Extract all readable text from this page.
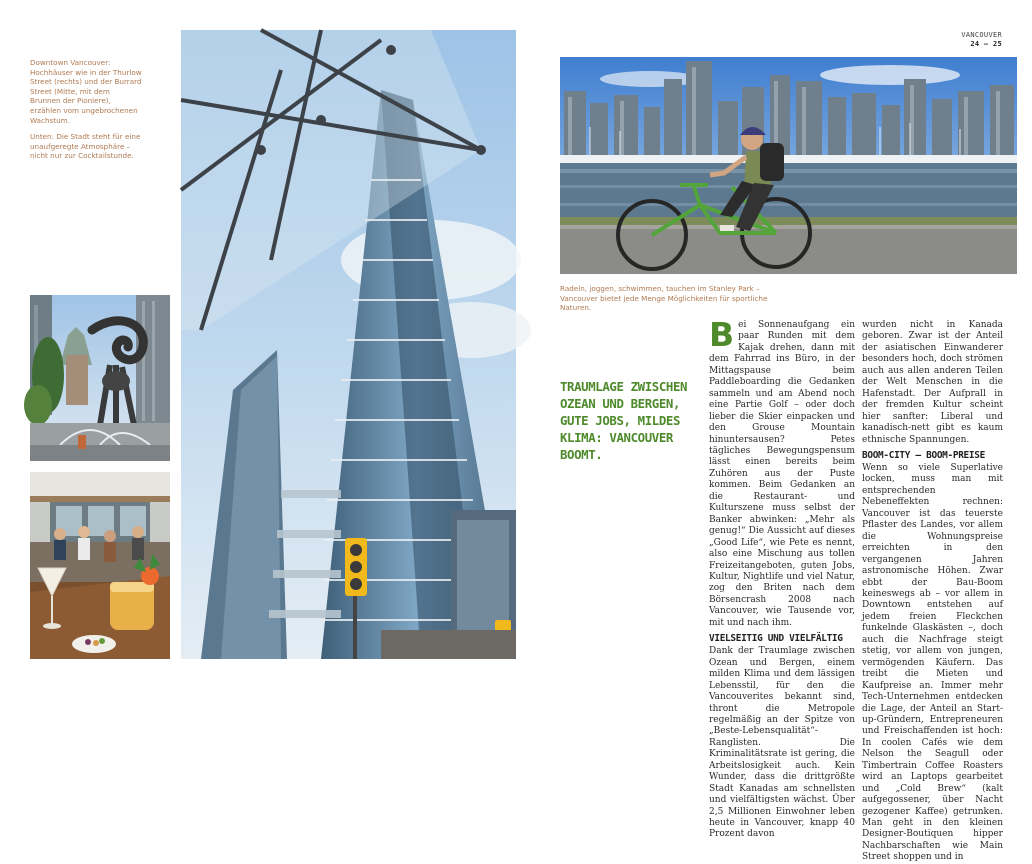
Downtown Vancouver: Hochhäuser wie in der Thurlow Street (rechts) und der Burrard Street (Mitte, mit dem Brunnen der Pioniere), erzählen vom ungebrochenen Wachstum.

Unten: Die Stadt steht für eine unaufgeregte Atmosphäre – nicht nur zur Cocktailstunde.

VANCOUVER
24 — 25
Radeln, joggen, schwimmen, tauchen im Stanley Park – Vancouver bietet jede Menge Möglichkeiten für sportliche Naturen.
TRAUMLAGE ZWISCHEN OZEAN UND BERGEN, GUTE JOBS, MILDES KLIMA: VANCOUVER BOOMT.

Bei Sonnenaufgang ein paar Runden mit dem Kajak drehen, dann mit dem Fahrrad ins Büro, in der Mittagspause beim Paddleboarding die Gedanken sammeln und am Abend noch eine Partie Golf – oder doch lieber die Skier einpacken und den Grouse Mountain hinuntersausen? Petes tägliches Bewegungspensum lässt einen bereits beim Zuhören aus der Puste kommen. Beim Gedanken an die Restaurant- und Kulturszene muss selbst der Banker abwinken: „Mehr als genug!“ Die Aussicht auf dieses „Good Life“, wie Pete es nennt, also eine Mischung aus tollen Freizeitangeboten, guten Jobs, Kultur, Nightlife und viel Natur, zog den Briten nach dem Börsencrash 2008 nach Vancouver, wie Tausende vor, mit und nach ihm.

VIELSEITIG UND VIELFÄLTIG

Dank der Traumlage zwischen Ozean und Bergen, einem milden Klima und dem lässigen Lebensstil, für den die Vancouverites bekannt sind, thront die Metropole regelmäßig an der Spitze von „Beste-Lebensqualität“-Ranglisten. Die Kriminalitätsrate ist gering, die Arbeitslosigkeit auch. Kein Wunder, dass die drittgrößte Stadt Kanadas am schnellsten und vielfältigsten wächst. Über 2,5 Millionen Einwohner leben heute in Vancouver, knapp 40 Prozent davon

wurden nicht in Kanada geboren. Zwar ist der Anteil der asiatischen Einwanderer besonders hoch, doch strömen auch aus allen anderen Teilen der Welt Menschen in die Hafenstadt. Der Aufprall in der fremden Kultur scheint hier sanfter: Liberal und kanadisch-nett gibt es kaum ethnische Spannungen.

BOOM-CITY — BOOM-PREISE

Wenn so viele Superlative locken, muss man mit entsprechenden Nebeneffekten rechnen: Vancouver ist das teuerste Pflaster des Landes, vor allem die Wohnungspreise erreichten in den vergangenen Jahren astronomische Höhen. Zwar ebbt der Bau-Boom keineswegs ab – vor allem in Downtown entstehen auf jedem freien Fleckchen funkelnde Glaskästen –, doch auch die Nachfrage steigt stetig, vor allem von jungen, vermögenden Käufern. Das treibt die Mieten und Kaufpreise an. Immer mehr Tech-Unternehmen entdecken die Lage, der Anteil an Start-up-Gründern, Entrepreneuren und Freischaffenden ist hoch: In coolen Cafés wie dem Nelson the Seagull oder Timbertrain Coffee Roasters wird an Laptops gearbeitet und „Cold Brew“ (kalt aufgegossener, über Nacht gezogener Kaffee) getrunken. Man geht in den kleinen Designer-Boutiquen hipper Nachbarschaften wie Main Street shoppen und in
